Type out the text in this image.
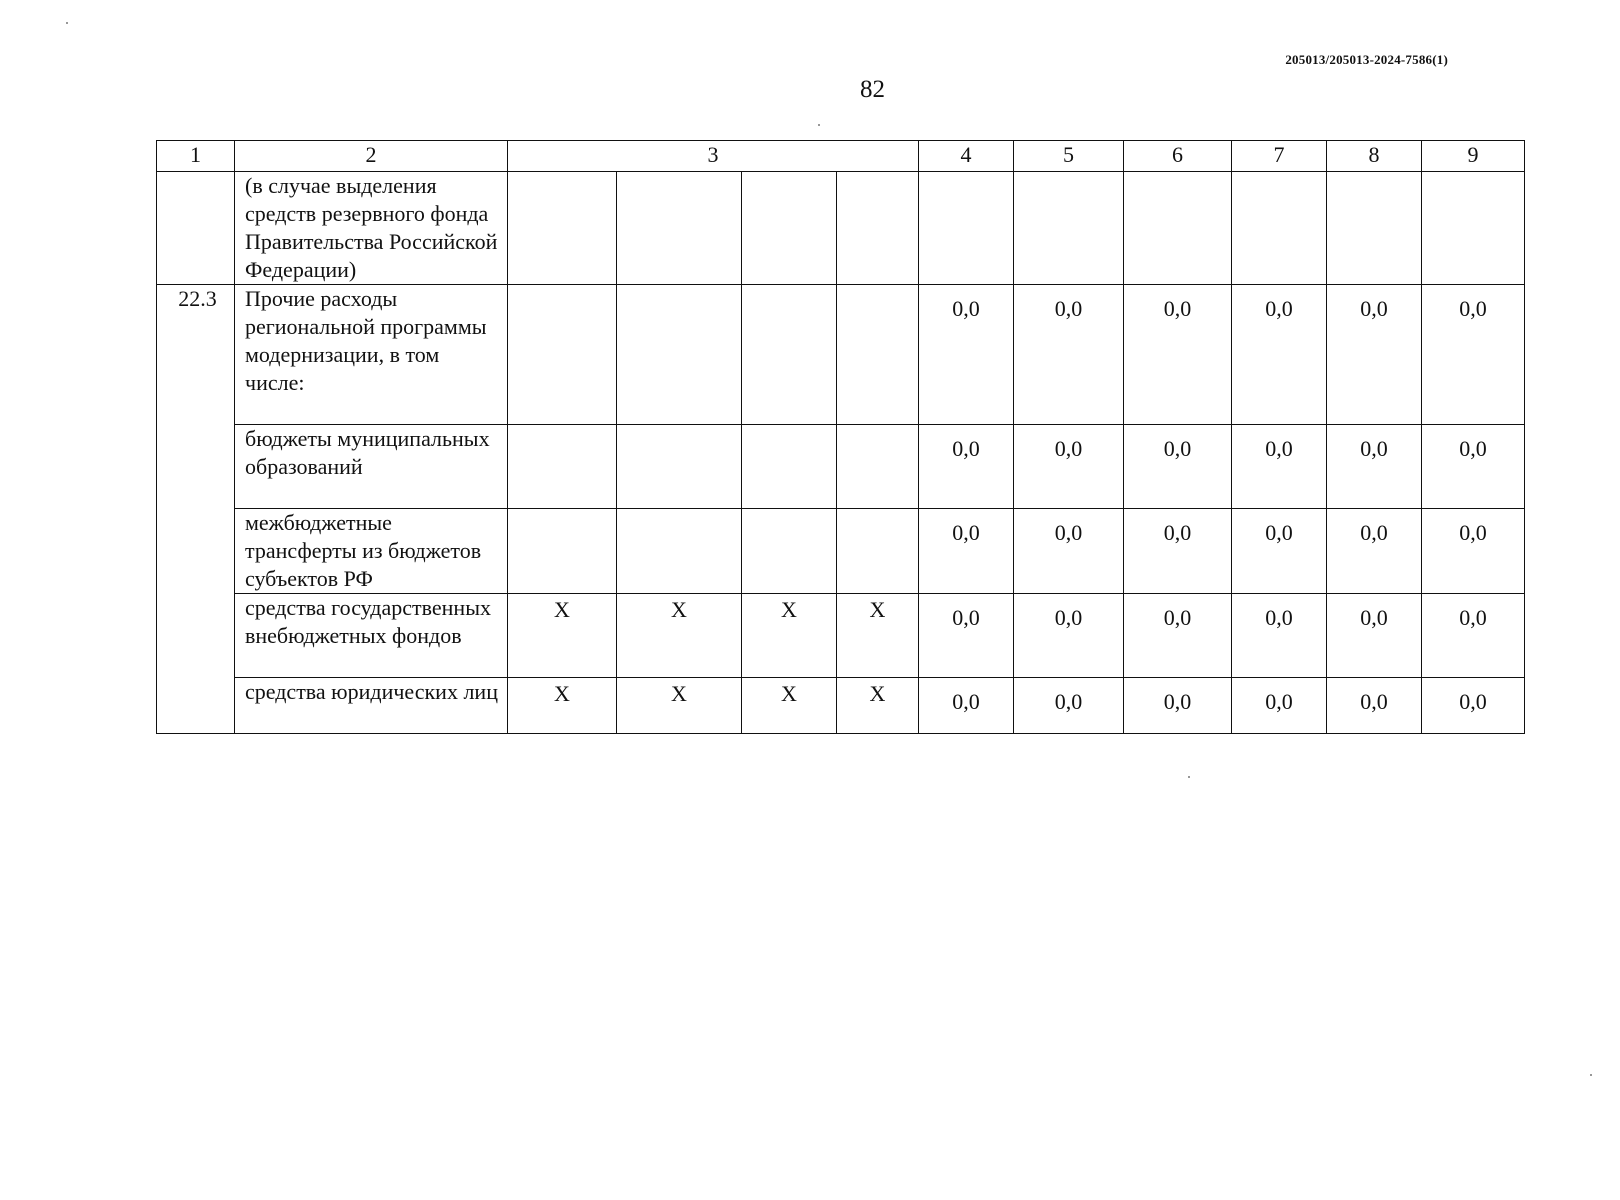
205013/205013-2024-7586(1)
82
1	2	3				4	5	6	7	8	9
	(в случае выделения средств резервного фонда Правительства Российской Федерации)										
22.3	Прочие расходы региональной программы модернизации, в том числе:					0,0	0,0	0,0	0,0	0,0	0,0
	бюджеты муниципальных образований					0,0	0,0	0,0	0,0	0,0	0,0
	межбюджетные трансферты из бюджетов субъектов РФ					0,0	0,0	0,0	0,0	0,0	0,0
	средства государственных внебюджетных фондов	X	X	X	X	0,0	0,0	0,0	0,0	0,0	0,0
	средства юридических лиц	X	X	X	X	0,0	0,0	0,0	0,0	0,0	0,0
